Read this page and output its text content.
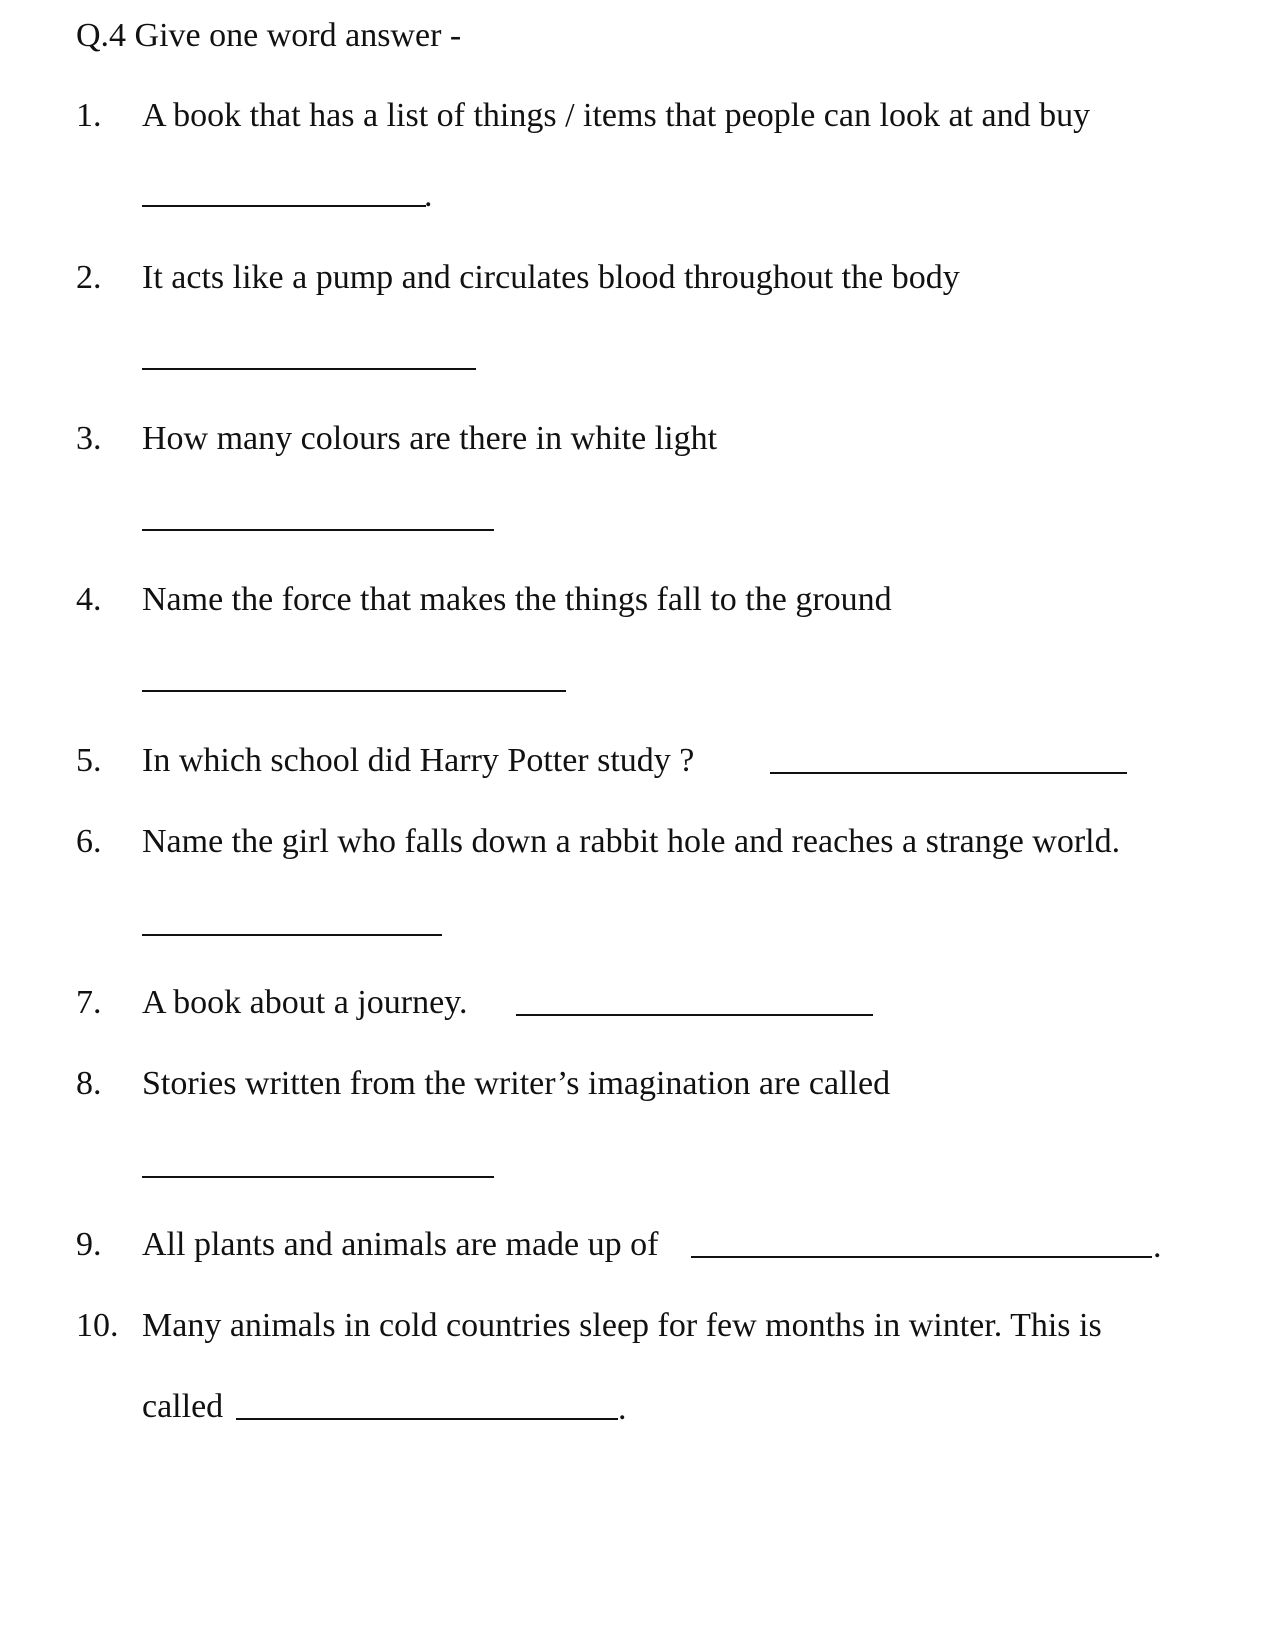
Q.4 Give one word answer -
1. A book that has a list of things / items that people can look at and buy
.
2. It acts like a pump and circulates blood throughout the body
3. How many colours are there in white light
4. Name the force that makes the things fall to the ground
5. In which school did Harry Potter study ?
6. Name the girl who falls down a rabbit hole and reaches a strange world.
7. A book about a journey.
8. Stories written from the writer’s imagination are called
9. All plants and animals are made up of	.
10. Many animals in cold countries sleep for few months in winter. This is
called	.
